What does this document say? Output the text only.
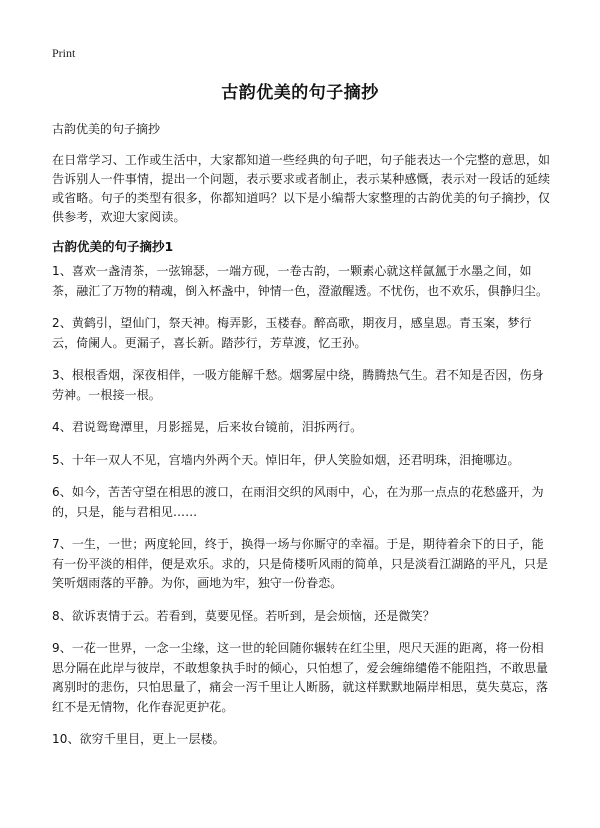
Print
古韵优美的句子摘抄
古韵优美的句子摘抄

在日常学习、工作或生活中，大家都知道一些经典的句子吧，句子能表达一个完整的意思，如告诉别人一件事情，提出一个问题，表示要求或者制止，表示某种感慨，表示对一段话的延续或省略。句子的类型有很多，你都知道吗？以下是小编帮大家整理的古韵优美的句子摘抄，仅供参考，欢迎大家阅读。

古韵优美的句子摘抄1
1、喜欢一盏清茶，一弦锦瑟，一端方砚，一卷古韵，一颗素心就这样氤氲于水墨之间，如茶，融汇了万物的精魂，倒入杯盏中，钟情一色，澄澈醒透。不忧伤，也不欢乐，俱静归尘。
2、黄鹤引，望仙门，祭天神。梅弄影，玉楼春。醉高歌，期夜月，感皇恩。青玉案，梦行云，倚阑人。更漏子，喜长新。踏莎行，芳草渡，忆王孙。
3、根根香烟，深夜相伴，一吸方能解千愁。烟雾屋中绕，腾腾热气生。君不知是否因，伤身劳神。一根接一根。
4、君说鸳鸯潭里，月影摇晃，后来妆台镜前，泪拆两行。
5、十年一双人不见，宫墙内外两个天。悼旧年，伊人笑脸如烟，还君明珠，泪掩哪边。
6、如今，苦苦守望在相思的渡口，在雨泪交织的风雨中，心，在为那一点点的花愁盛开，为的，只是，能与君相见……
7、一生，一世；两度轮回，终于，换得一场与你厮守的幸福。于是，期待着余下的日子，能有一份平淡的相伴，便是欢乐。求的，只是倚楼听风雨的简单，只是淡看江湖路的平凡，只是笑听烟雨落的平静。为你，画地为牢，独守一份眷恋。
8、欲诉衷情于云。若看到，莫要见怪。若听到，是会烦恼，还是微笑？
9、一花一世界，一念一尘缘，这一世的轮回随你辗转在红尘里，咫尺天涯的距离，将一份相思分隔在此岸与彼岸，不敢想象执手时的倾心，只怕想了，爱会缠绵缱倦不能阻挡，不敢思量离别时的悲伤，只怕思量了，痛会一泻千里让人断肠，就这样默默地隔岸相思，莫失莫忘，落红不是无情物，化作春泥更护花。
10、欲穷千里目，更上一层楼。
